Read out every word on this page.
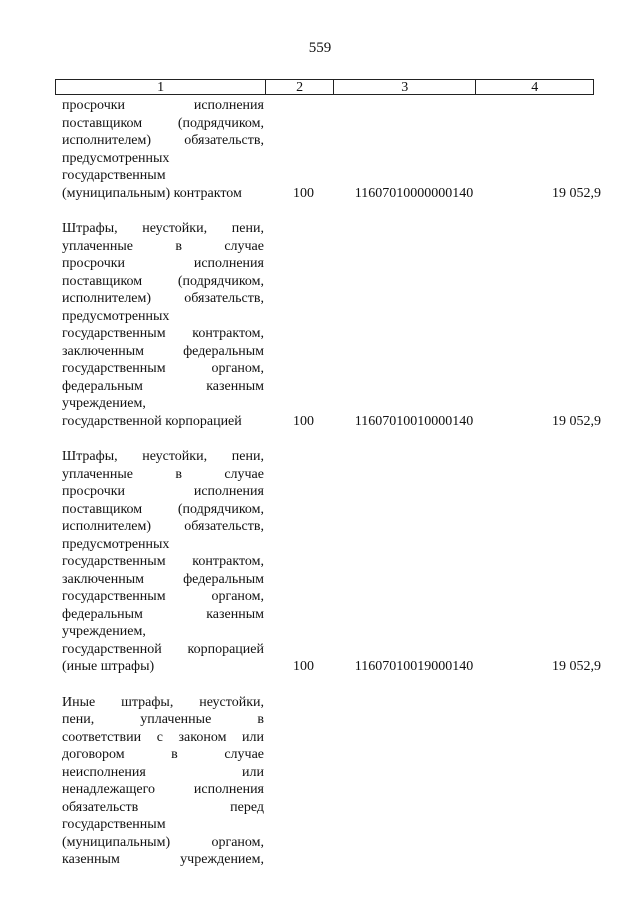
559
1	2	3	4
просрочки исполнения
поставщиком (подрядчиком,
исполнителем) обязательств,
предусмотренных
государственным
(муниципальным) контрактом	100	11607010000000140	19 052,9
Штрафы, неустойки, пени,
уплаченные в случае
просрочки исполнения
поставщиком (подрядчиком,
исполнителем) обязательств,
предусмотренных
государственным контрактом,
заключенным федеральным
государственным органом,
федеральным казенным
учреждением,
государственной корпорацией	100	11607010010000140	19 052,9
Штрафы, неустойки, пени,
уплаченные в случае
просрочки исполнения
поставщиком (подрядчиком,
исполнителем) обязательств,
предусмотренных
государственным контрактом,
заключенным федеральным
государственным органом,
федеральным казенным
учреждением,
государственной корпорацией
(иные штрафы)	100	11607010019000140	19 052,9
Иные штрафы, неустойки,
пени, уплаченные в
соответствии с законом или
договором в случае
неисполнения или
ненадлежащего исполнения
обязательств перед
государственным
(муниципальным) органом,
казенным учреждением,
